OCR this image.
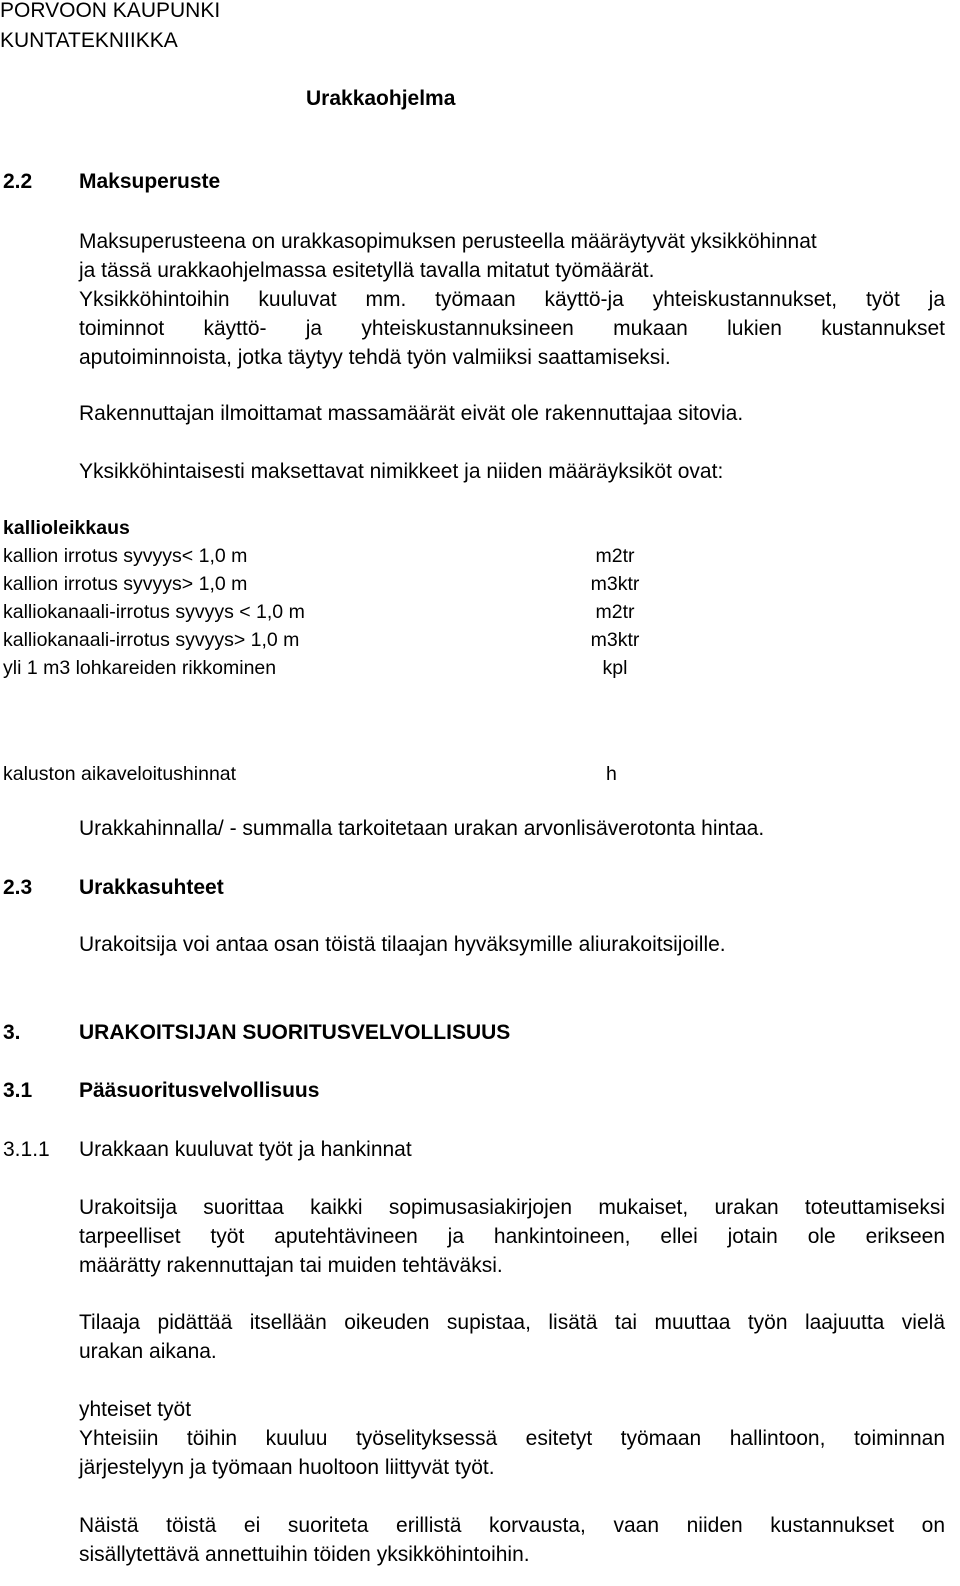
PORVOON KAUPUNKI
KUNTATEKNIIKKA
Urakkaohjelma
2.2 Maksuperuste

Maksuperusteena on urakkasopimuksen perusteella määräytyvät yksikköhinnat

ja tässä urakkaohjelmassa esitetyllä tavalla mitatut työmäärät.

Yksikköhintoihin kuuluvat mm. työmaan käyttö-ja yhteiskustannukset, työt ja

toiminnot käyttö- ja yhteiskustannuksineen mukaan lukien kustannukset

aputoiminnoista, jotka täytyy tehdä työn valmiiksi saattamiseksi.

Rakennuttajan ilmoittamat massamäärät eivät ole rakennuttajaa sitovia.
Yksikköhintaisesti maksettavat nimikkeet ja niiden määräyksiköt ovat:
kallioleikkaus
kallion irrotus syvyys< 1,0 m	m2tr
kallion irrotus syvyys> 1,0 m	m3ktr
kalliokanaali-irrotus syvyys < 1,0 m	m2tr
kalliokanaali-irrotus syvyys> 1,0 m	m3ktr
yli 1 m3 lohkareiden rikkominen	kpl
kaluston aikaveloitushinnat	h
Urakkahinnalla/ - summalla tarkoitetaan urakan arvonlisäverotonta hintaa.
2.3 Urakkasuhteet
Urakoitsija voi antaa osan töistä tilaajan hyväksymille aliurakoitsijoille.
3.	URAKOITSIJAN SUORITUSVELVOLLISUUS
3.1 Pääsuoritusvelvollisuus
3.1.1 Urakkaan kuuluvat työt ja hankinnat

Urakoitsija suorittaa kaikki sopimusasiakirjojen mukaiset, urakan toteuttamiseksi

tarpeelliset työt aputehtävineen ja hankintoineen, ellei jotain ole erikseen

määrätty rakennuttajan tai muiden tehtäväksi.

Tilaaja pidättää itsellään oikeuden supistaa, lisätä tai muuttaa työn laajuutta vielä

urakan aikana.

yhteiset työt

Yhteisiin töihin kuuluu työselityksessä esitetyt työmaan hallintoon, toiminnan

järjestelyyn ja työmaan huoltoon liittyvät työt.

Näistä töistä ei suoriteta erillistä korvausta, vaan niiden kustannukset on

sisällytettävä annettuihin töiden yksikköhintoihin.
